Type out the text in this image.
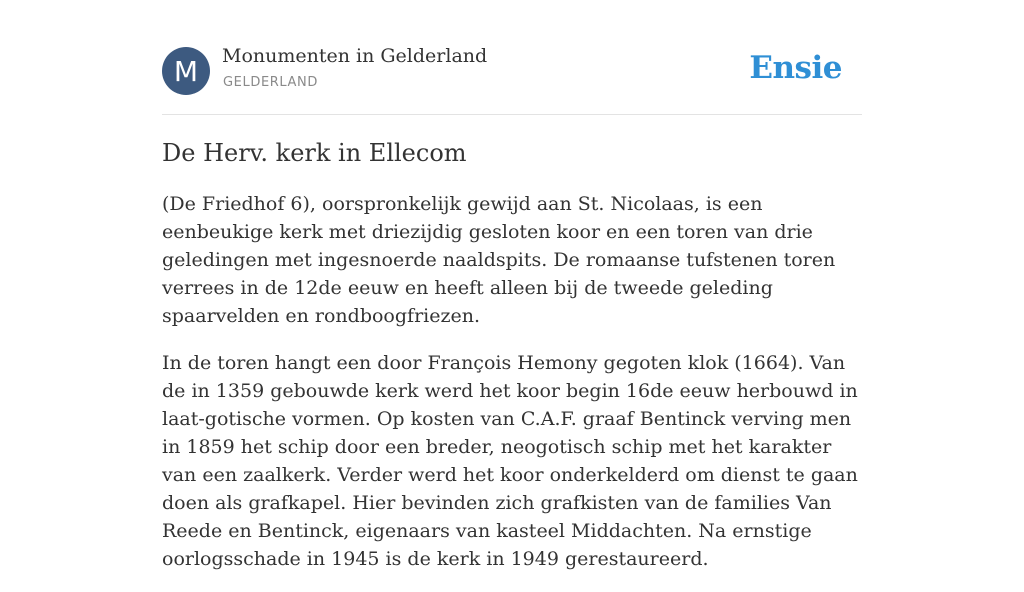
M	Monumenten in Gelderland
GELDERLAND	Ensie
De Herv. kerk in Ellecom

(De Friedhof 6), oorspronkelijk gewijd aan St. Nicolaas, is een eenbeukige kerk met driezijdig gesloten koor en een toren van drie geledingen met ingesnoerde naaldspits. De romaanse tufstenen toren verrees in de 12de eeuw en heeft alleen bij de tweede geleding spaarvelden en rondboogfriezen.

In de toren hangt een door François Hemony gegoten klok (1664). Van de in 1359 gebouwde kerk werd het koor begin 16de eeuw herbouwd in laat-gotische vormen. Op kosten van C.A.F. graaf Bentinck verving men in 1859 het schip door een breder, neogotisch schip met het karakter van een zaalkerk. Verder werd het koor onderkelderd om dienst te gaan doen als grafkapel. Hier bevinden zich grafkisten van de families Van Reede en Bentinck, eigenaars van kasteel Middachten. Na ernstige oorlogsschade in 1945 is de kerk in 1949 gerestaureerd.
